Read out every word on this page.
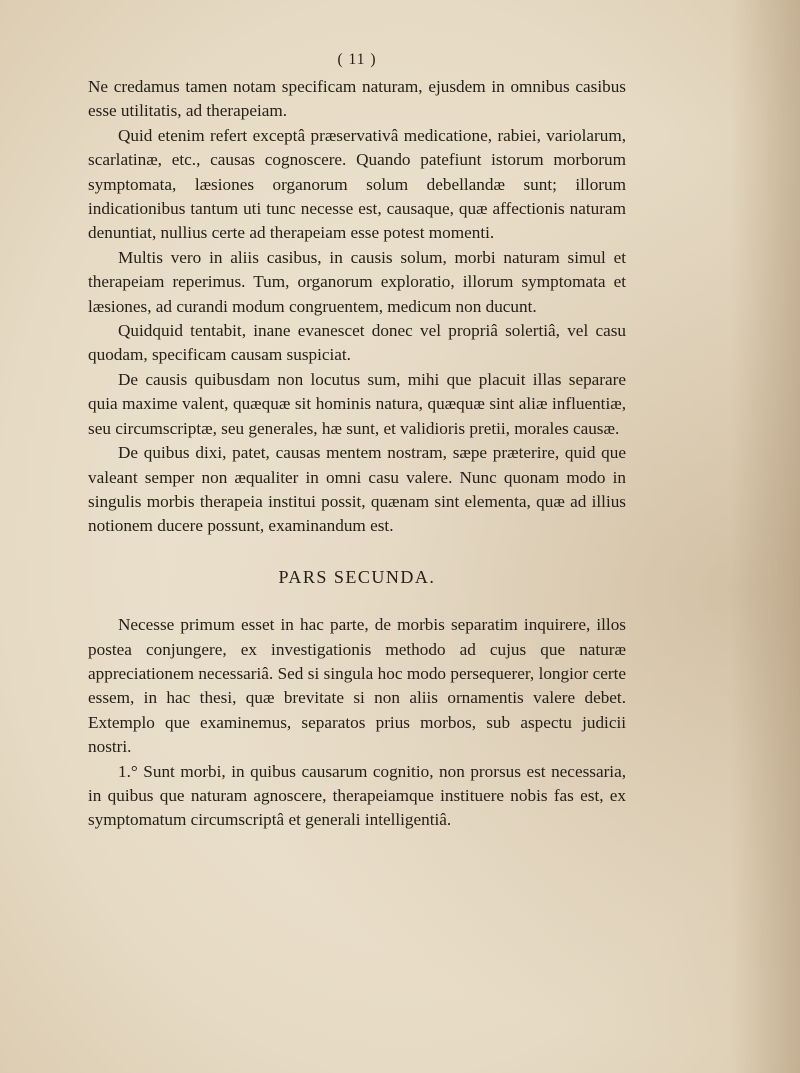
( 11 )

Ne credamus tamen notam specificam naturam, ejusdem in omnibus casibus esse utilitatis, ad therapeiam.

Quid etenim refert exceptâ præservativâ medicatione, rabiei, variolarum, scarlatinæ, etc., causas cognoscere. Quando patefiunt istorum morborum symptomata, læsiones organorum solum debellandæ sunt; illorum indicationibus tantum uti tunc necesse est, causaque, quæ affectionis naturam denuntiat, nullius certe ad therapeiam esse potest momenti.

Multis vero in aliis casibus, in causis solum, morbi naturam simul et therapeiam reperimus. Tum, organorum exploratio, illorum symptomata et læsiones, ad curandi modum congruentem, medicum non ducunt.

Quidquid tentabit, inane evanescet donec vel propriâ solertiâ, vel casu quodam, specificam causam suspiciat.

De causis quibusdam non locutus sum, mihi que placuit illas separare quia maxime valent, quæquæ sit hominis natura, quæquæ sint aliæ influentiæ, seu circumscriptæ, seu generales, hæ sunt, et validioris pretii, morales causæ.

De quibus dixi, patet, causas mentem nostram, sæpe præterire, quid que valeant semper non æqualiter in omni casu valere. Nunc quonam modo in singulis morbis therapeia institui possit, quænam sint elementa, quæ ad illius notionem ducere possunt, examinandum est.

PARS SECUNDA.

Necesse primum esset in hac parte, de morbis separatim inquirere, illos postea conjungere, ex investigationis methodo ad cujus que naturæ appreciationem necessariâ. Sed si singula hoc modo persequerer, longior certe essem, in hac thesi, quæ brevitate si non aliis ornamentis valere debet. Extemplo que examinemus, separatos prius morbos, sub aspectu judicii nostri.

1.° Sunt morbi, in quibus causarum cognitio, non prorsus est necessaria, in quibus que naturam agnoscere, therapeiamque instituere nobis fas est, ex symptomatum circumscriptâ et generali intelligentiâ.
